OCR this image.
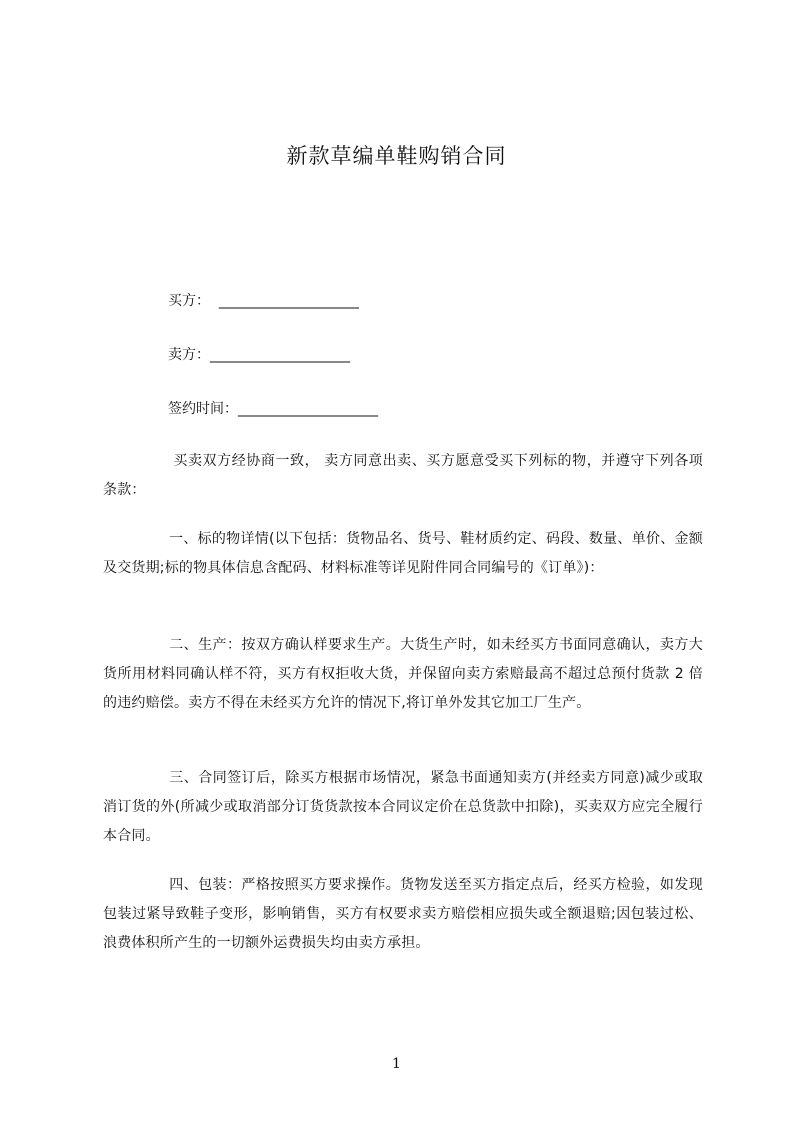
新款草编单鞋购销合同
买方：  ____________________
卖方：____________________
签约时间：____________________
买卖双方经协商一致， 卖方同意出卖、买方愿意受买下列标的物，并遵守下列各项条款：
一、标的物详情(以下包括：货物品名、货号、鞋材质约定、码段、数量、单价、金额及交货期;标的物具体信息含配码、材料标准等详见附件同合同编号的《订单》)：
二、生产：按双方确认样要求生产。大货生产时，如未经买方书面同意确认，卖方大货所用材料同确认样不符，买方有权拒收大货，并保留向卖方索赔最高不超过总预付货款 2 倍的违约赔偿。卖方不得在未经买方允许的情况下,将订单外发其它加工厂生产。
三、合同签订后，除买方根据市场情况，紧急书面通知卖方(并经卖方同意)减少或取消订货的外(所减少或取消部分订货货款按本合同议定价在总货款中扣除)，买卖双方应完全履行本合同。
四、包装：严格按照买方要求操作。货物发送至买方指定点后，经买方检验，如发现包装过紧导致鞋子变形，影响销售，买方有权要求卖方赔偿相应损失或全额退赔;因包装过松、浪费体积所产生的一切额外运费损失均由卖方承担。
1
